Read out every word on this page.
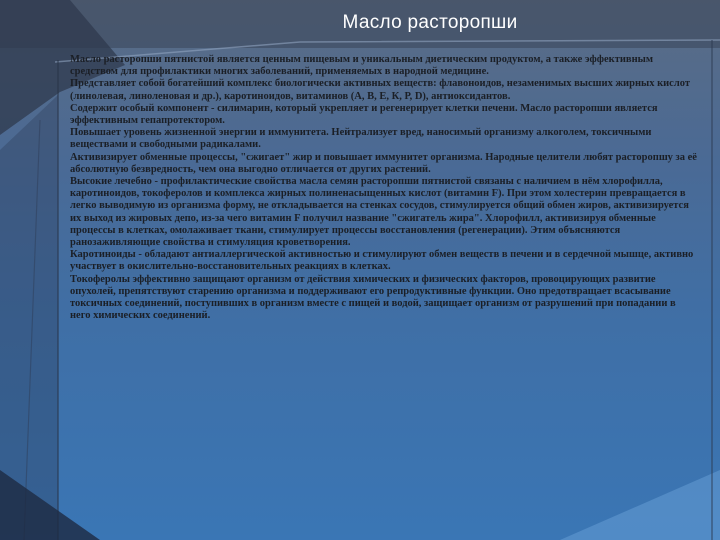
Масло расторопши

Масло расторопши пятнистой является ценным пищевым и уникальным диетическим продуктом, а также эффективным средством для профилактики многих заболеваний, применяемых в народной медицине.

Представляет собой богатейший комплекс биологически активных веществ: флавоноидов, незаменимых высших жирных кислот (линолевая, линоленовая и др.), каротиноидов, витаминов (А, В, Е, К, Р, D), антиоксидантов.

Содержит особый компонент - силимарин, который укрепляет и регенерирует клетки печени. Масло расторопши является эффективным гепапротектором.

Повышает уровень жизненной энергии и иммунитета. Нейтрализует вред, наносимый организму алкоголем, токсичными веществами и свободными радикалами.

Активизирует обменные процессы, "сжигает" жир и повышает иммунитет организма. Народные целители любят расторопшу за её абсолютную безвредность, чем она выгодно отличается от других растений.

Высокие лечебно - профилактические свойства масла семян расторопши пятнистой связаны с наличием в нём хлорофилла, каротиноидов, токоферолов и комплекса жирных полиненасыщенных кислот (витамин F). При этом холестерин превращается в легко выводимую из организма форму, не откладывается на стенках сосудов, стимулируется общий обмен жиров, активизируется их выход из жировых депо, из-за чего витамин F получил название "сжигатель жира". Хлорофилл, активизируя обменные процессы в клетках, омолаживает ткани, стимулирует процессы восстановления (регенерации). Этим объясняются ранозаживляющие свойства и стимуляция кроветворения.

Каротиноиды - обладают антиаллергической активностью и стимулируют обмен веществ в печени и в сердечной мышце, активно участвует в окислительно-восстановительных реакциях в клетках.

Токоферолы эффективно защищают организм от действия химических и физических факторов, провоцирующих развитие опухолей, препятствуют старению организма и поддерживают его репродуктивные функции. Оно предотвращает всасывание токсичных соединений, поступивших в организм вместе с пищей и водой, защищает организм от разрушений при попадании в него химических соединений.
